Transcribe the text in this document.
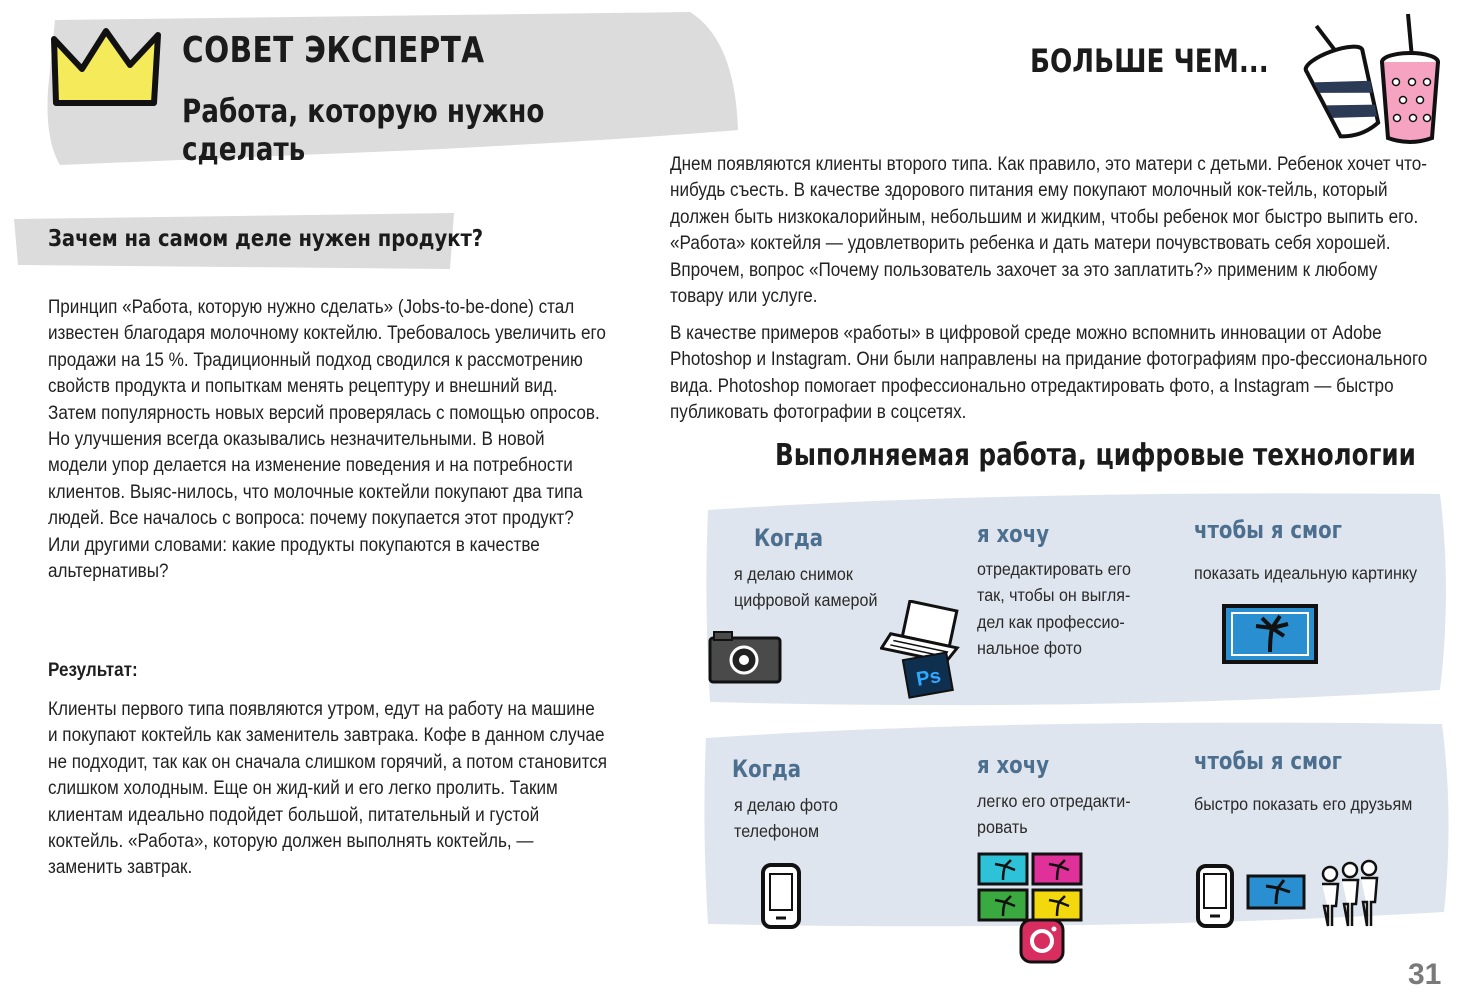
СОВЕТ ЭКСПЕРТА
Работа, которую нужно сделать
Зачем на самом деле нужен продукт?
Принцип «Работа, которую нужно сделать» (Jobs-to-be-done) стал известен благодаря молочному коктейлю. Требовалось увеличить его продажи на 15 %. Традиционный подход сводился к рассмотрению свойств продукта и попыткам менять рецептуру и внешний вид. Затем популярность новых версий проверялась с помощью опросов. Но улучшения всегда оказывались незначительными. В новой модели упор делается на изменение поведения и на потребности клиентов. Выяс-нилось, что молочные коктейли покупают два типа людей. Все началось с вопроса: почему покупается этот продукт? Или другими словами: какие продукты покупаются в качестве альтернативы?
Результат:
Клиенты первого типа появляются утром, едут на работу на машине и покупают коктейль как заменитель завтрака. Кофе в данном случае не подходит, так как он сначала слишком горячий, а потом становится слишком холодным. Еще он жид-кий и его легко пролить. Таким клиентам идеально подойдет большой, питательный и густой коктейль. «Работа», которую должен выполнять коктейль, — заменить завтрак.
БОЛЬШЕ ЧЕМ...
Днем появляются клиенты второго типа. Как правило, это матери с детьми. Ребенок хочет что-нибудь съесть. В качестве здорового питания ему покупают молочный кок-тейль, который должен быть низкокалорийным, небольшим и жидким, чтобы ребенок мог быстро выпить его. «Работа» коктейля — удовлетворить ребенка и дать матери почувствовать себя хорошей. Впрочем, вопрос «Почему пользователь захочет за это заплатить?» применим к любому товару или услуге.
В качестве примеров «работы» в цифровой среде можно вспомнить инновации от Adobe Photoshop и Instagram. Они были направлены на придание фотографиям про-фессионального вида. Photoshop помогает профессионально отредактировать фото, а Instagram — быстро публиковать фотографии в соцсетях.
Выполняемая работа, цифровые технологии
Когда
я делаю снимок
цифровой камерой
я хочу
отредактировать его
так, чтобы он выгля-
дел как профессио-
нальное фото
чтобы я смог
показать идеальную картинку
Ps
Когда
я делаю фото
телефоном
я хочу
легко его отредакти-
ровать
чтобы я смог
быстро показать его друзьям
31
